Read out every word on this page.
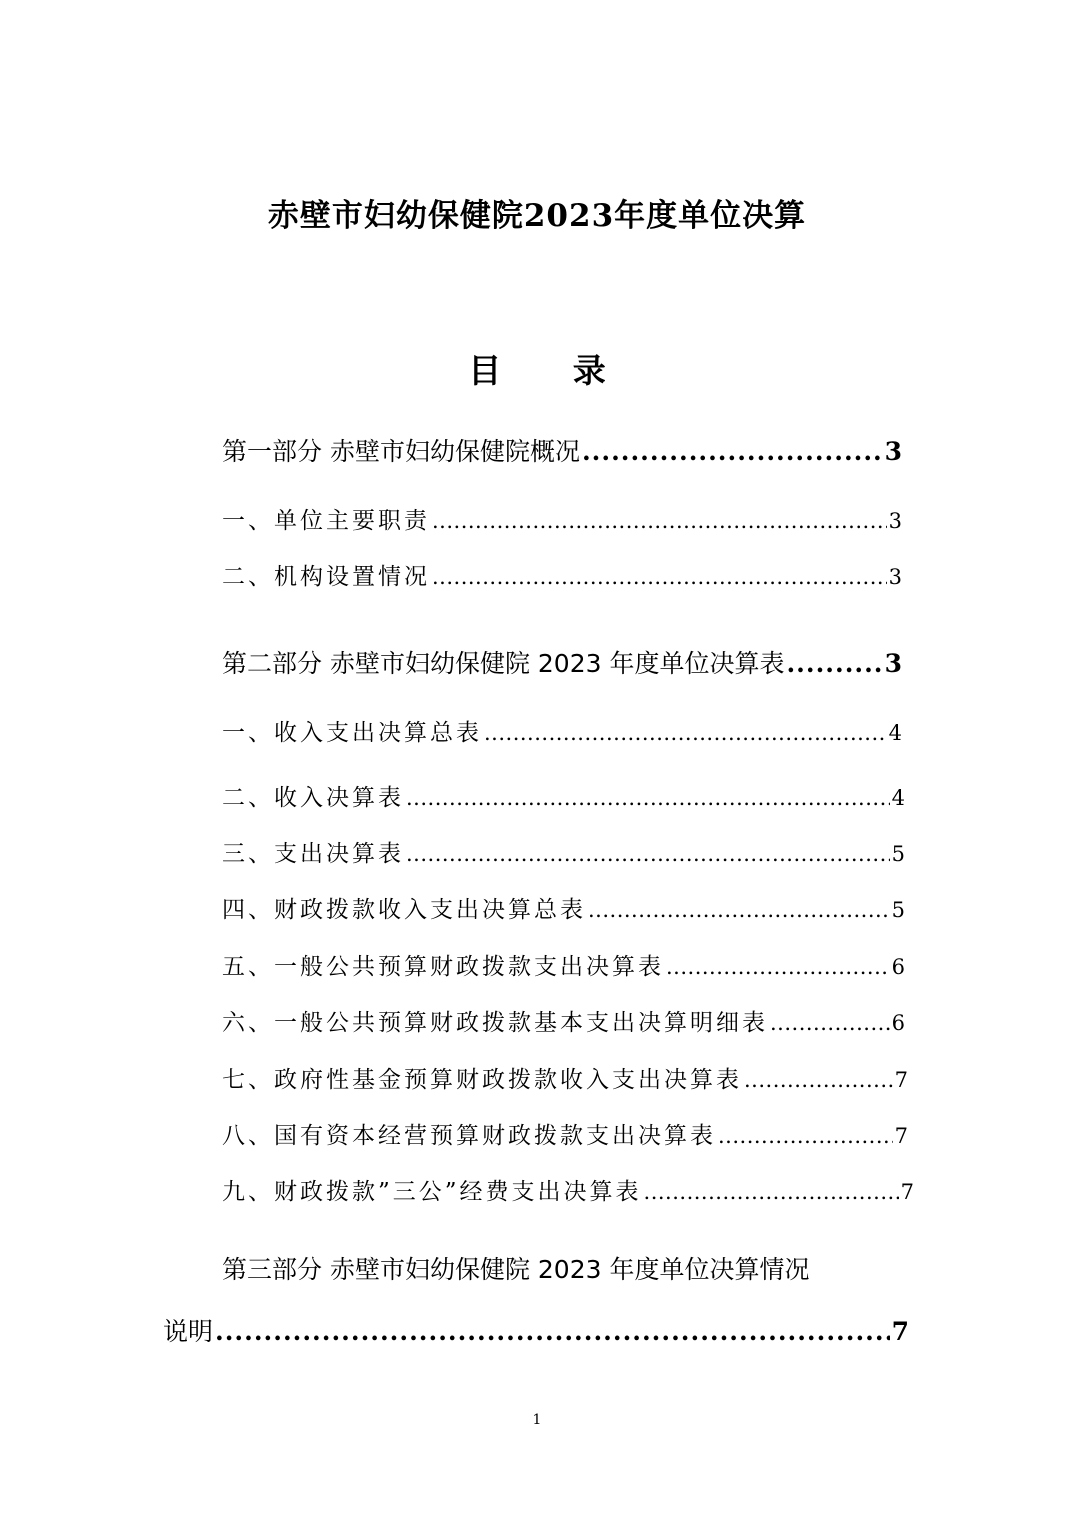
赤壁市妇幼保健院2023年度单位决算
目 录
第一部分 赤壁市妇幼保健院概况 .....	3
一、单位主要职责 .....	3
二、机构设置情况 .....	3
第二部分 赤壁市妇幼保健院 2023 年度单位决算表 .....	3
一、收入支出决算总表 .....	4
二、收入决算表 .....	4
三、支出决算表 .....	5
四、财政拨款收入支出决算总表 .....	5
五、一般公共预算财政拨款支出决算表 .....	6
六、一般公共预算财政拨款基本支出决算明细表 .....	6
七、政府性基金预算财政拨款收入支出决算表 .....	7
八、国有资本经营预算财政拨款支出决算表 .....	7
九、财政拨款”三公”经费支出决算表 .....	7
第三部分 赤壁市妇幼保健院 2023 年度单位决算情况
说明 .....	7
1
